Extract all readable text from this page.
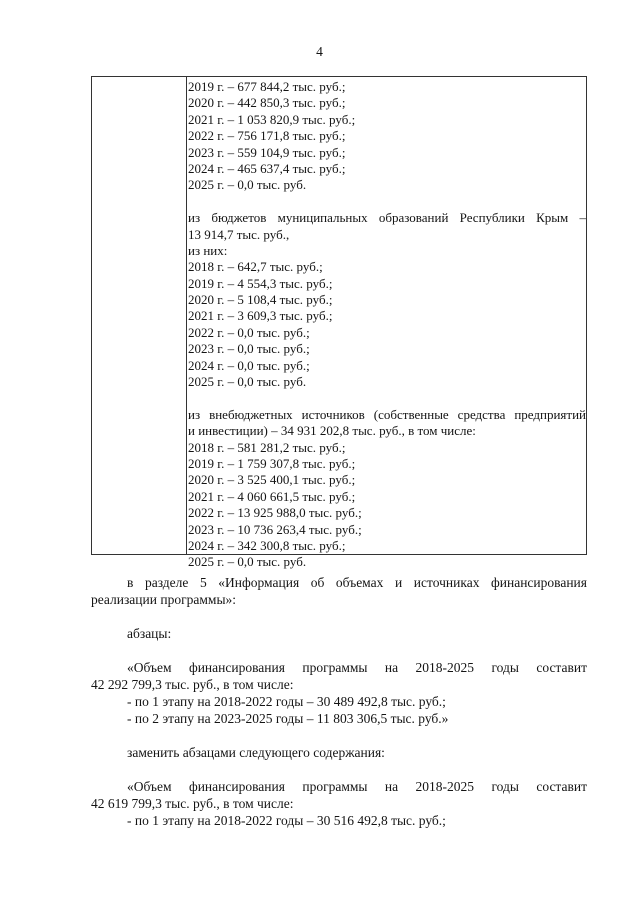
4
2019 г. – 677 844,2 тыс. руб.;
2020 г. – 442 850,3 тыс. руб.;
2021 г. – 1 053 820,9 тыс. руб.;
2022 г. – 756 171,8 тыс. руб.;
2023 г. – 559 104,9 тыс. руб.;
2024 г. – 465 637,4 тыс. руб.;
2025 г. – 0,0 тыс. руб.
из бюджетов муниципальных образований Республики Крым –
13 914,7 тыс. руб.,
из них:
2018 г. – 642,7 тыс. руб.;
2019 г. – 4 554,3 тыс. руб.;
2020 г. – 5 108,4 тыс. руб.;
2021 г. – 3 609,3 тыс. руб.;
2022 г. – 0,0 тыс. руб.;
2023 г. – 0,0 тыс. руб.;
2024 г. – 0,0 тыс. руб.;
2025 г. – 0,0 тыс. руб.
из внебюджетных источников (собственные средства предприятий
и инвестиции) – 34 931 202,8 тыс. руб., в том числе:
2018 г. – 581 281,2 тыс. руб.;
2019 г. – 1 759 307,8 тыс. руб.;
2020 г. – 3 525 400,1 тыс. руб.;
2021 г. – 4 060 661,5 тыс. руб.;
2022 г. – 13 925 988,0 тыс. руб.;
2023 г. – 10 736 263,4 тыс. руб.;
2024 г. – 342 300,8 тыс. руб.;
2025 г. – 0,0 тыс. руб.
в разделе 5 «Информация об объемах и источниках финансирования
реализации программы»:
абзацы:
«Объем финансирования программы на 2018-2025 годы составит
42 292 799,3 тыс. руб., в том числе:
- по 1 этапу на 2018-2022 годы – 30 489 492,8 тыс. руб.;
- по 2 этапу на 2023-2025 годы – 11 803 306,5 тыс. руб.»
заменить абзацами следующего содержания:
«Объем финансирования программы на 2018-2025 годы составит
42 619 799,3 тыс. руб., в том числе:
- по 1 этапу на 2018-2022 годы – 30 516 492,8 тыс. руб.;
